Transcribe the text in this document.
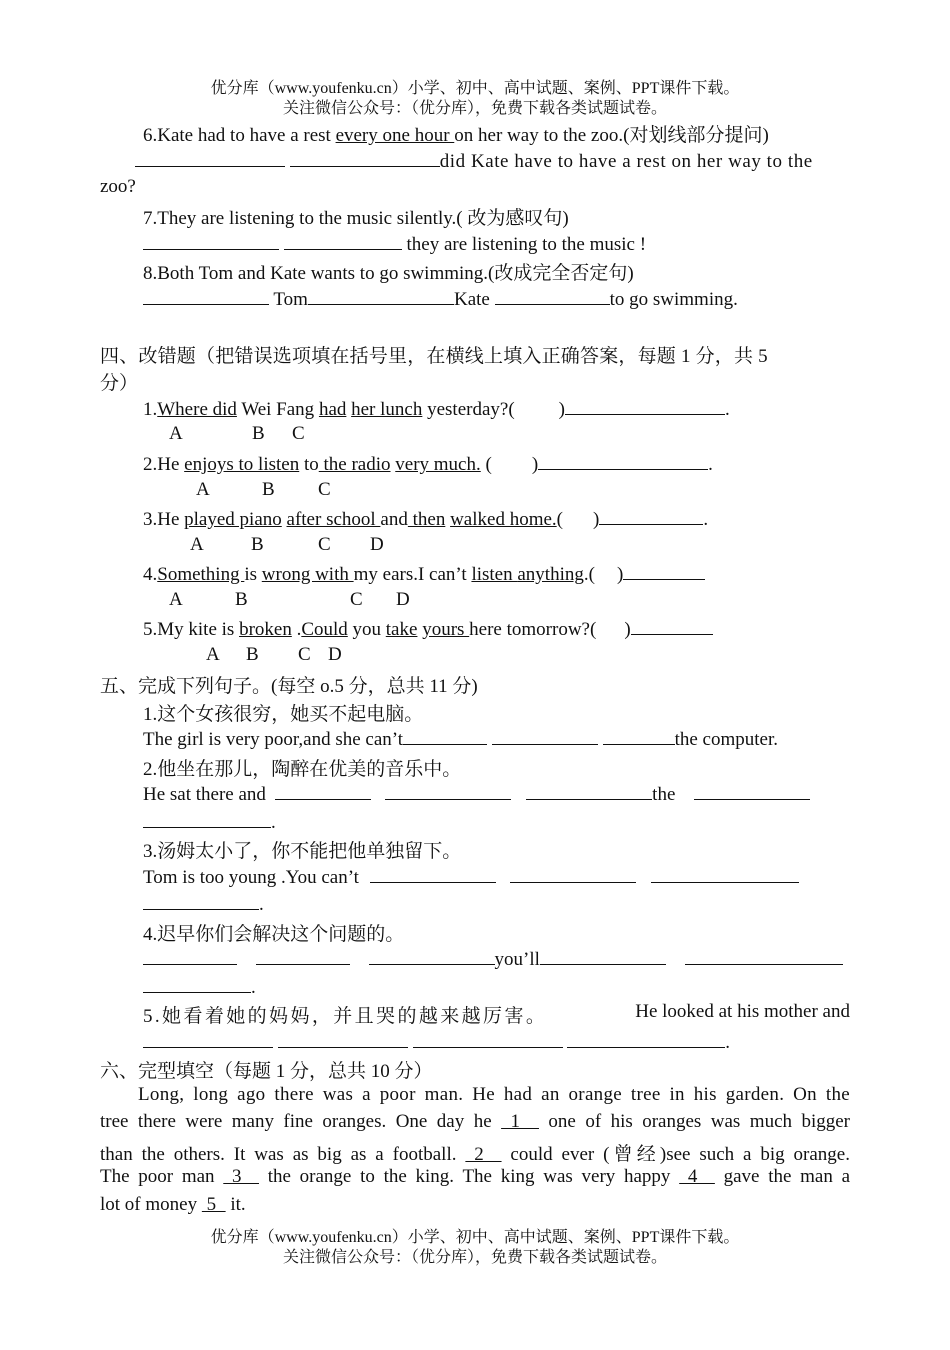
优分库（www.youfenku.cn）小学、初中、高中试题、案例、PPT课件下载。
关注微信公众号：（优分库），免费下载各类试题试卷。
6.Kate had to have a rest every one hour on her way to the zoo.(对划线部分提问)
did Kate have to have a rest on her way to the
zoo?
7.They are listening to the music silently.( 改为感叹句)
they are listening to the music !
8.Both Tom and Kate wants to go swimming.(改成完全否定句)
Tom	Kate	to go swimming.
四、改错题（把错误选项填在括号里，在横线上填入正确答案，每题 1 分，共 5
分）
1.Where did Wei Fang had her lunch yesterday?( )	.
A	B C
2.He enjoys to listen to the radio very much. ( )	.
A	B C
3.He played piano after school and then walked home.( )	.
A B	C D
4.Something is wrong with my ears.I can’t listen anything.( )
A	B	C D
5.My kite is broken .Could you take yours here tomorrow?( )
A B C D
五、完成下列句子。(每空 o.5 分，总共 11 分)
1.这个女孩很穷，她买不起电脑。
The girl is very poor,and she can’t	the computer.
2.他坐在那儿，陶醉在优美的音乐中。
He sat there and	the
.
3.汤姆太小了，你不能把他单独留下。
Tom is too young .You can’t
.
4.迟早你们会解决这个问题的。
you’ll
.
5.她看着她的妈妈，并且哭的越来越厉害。	He looked at his mother and
.
六、完型填空（每题 1 分，总共 10 分）
Long, long ago there was a poor man. He had an orange tree in his garden. On the
tree there were many fine oranges. One day he  1   one of his oranges was much bigger
than the others. It was as big as a football.  2   could ever (曾经)see such a big orange.
The poor man  3   the orange to the king. The king was very happy  4   gave the man a
lot of money  5   it.
优分库（www.youfenku.cn）小学、初中、高中试题、案例、PPT课件下载。
关注微信公众号：（优分库），免费下载各类试题试卷。
